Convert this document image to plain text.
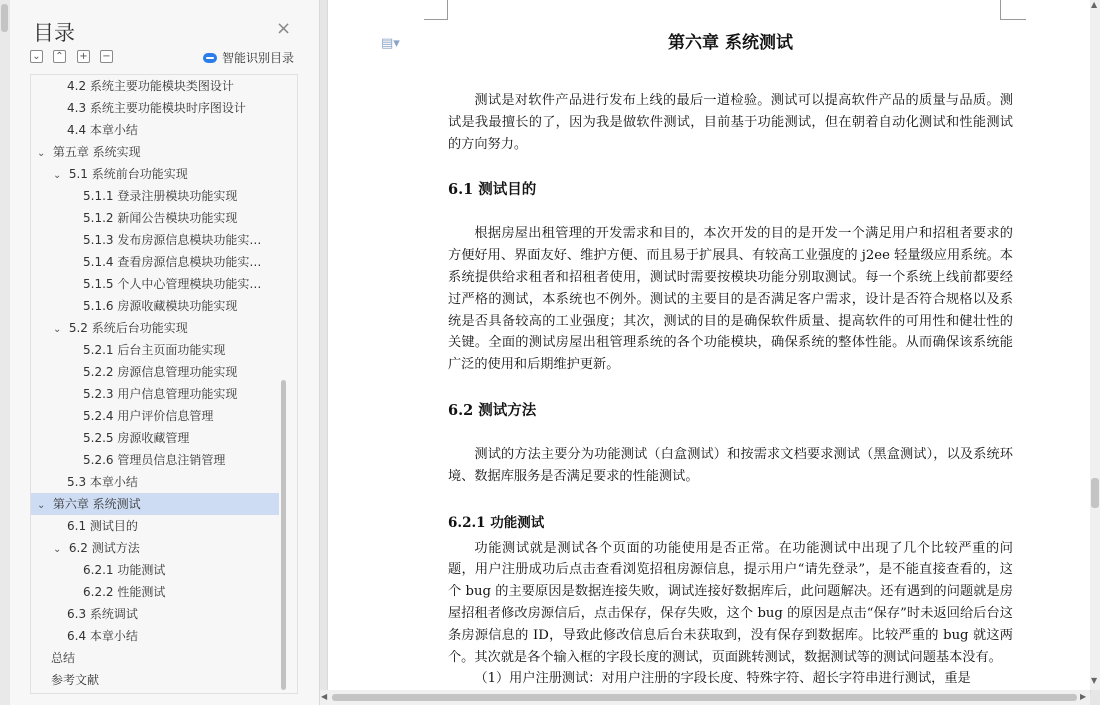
目录	×
⌄ ⌃ + −	智能识别目录
4.2 系统主要功能模块类图设计
4.3 系统主要功能模块时序图设计
4.4 本章小结
⌄ 第五章 系统实现
⌄ 5.1 系统前台功能实现
5.1.1 登录注册模块功能实现
5.1.2 新闻公告模块功能实现
5.1.3 发布房源信息模块功能实…
5.1.4 查看房源信息模块功能实…
5.1.5 个人中心管理模块功能实…
5.1.6 房源收藏模块功能实现
⌄ 5.2 系统后台功能实现
5.2.1 后台主页面功能实现
5.2.2 房源信息管理功能实现
5.2.3 用户信息管理功能实现
5.2.4 用户评价信息管理
5.2.5 房源收藏管理
5.2.6 管理员信息注销管理
5.3 本章小结
⌄ 第六章 系统测试
6.1 测试目的
⌄ 6.2 测试方法
6.2.1 功能测试
6.2.2 性能测试
6.3 系统调试
6.4 本章小结
总结
参考文献
▤▾	第六章 系统测试

测试是对软件产品进行发布上线的最后一道检验。测试可以提高软件产品的质量与品质。测试是我最擅长的了，因为我是做软件测试，目前基于功能测试，但在朝着自动化测试和性能测试的方向努力。

6.1 测试目的

根据房屋出租管理的开发需求和目的，本次开发的目的是开发一个满足用户和招租者要求的方便好用、界面友好、维护方便、而且易于扩展具、有较高工业强度的 j2ee 轻量级应用系统。本系统提供给求租者和招租者使用，测试时需要按模块功能分别取测试。每一个系统上线前都要经过严格的测试，本系统也不例外。测试的主要目的是否满足客户需求，设计是否符合规格以及系统是否具备较高的工业强度；其次，测试的目的是确保软件质量、提高软件的可用性和健壮性的关键。全面的测试房屋出租管理系统的各个功能模块，确保系统的整体性能。从而确保该系统能广泛的使用和后期维护更新。

6.2 测试方法

测试的方法主要分为功能测试（白盒测试）和按需求文档要求测试（黑盒测试），以及系统环境、数据库服务是否满足要求的性能测试。

6.2.1 功能测试

功能测试就是测试各个页面的功能使用是否正常。在功能测试中出现了几个比较严重的问题，用户注册成功后点击查看浏览招租房源信息，提示用户“请先登录”，是不能直接查看的，这个 bug 的主要原因是数据连接失败，调试连接好数据库后，此问题解决。还有遇到的问题就是房屋招租者修改房源信后，点击保存，保存失败，这个 bug 的原因是点击“保存”时未返回给后台这条房源信息的 ID，导致此修改信息后台未获取到，没有保存到数据库。比较严重的 bug 就这两个。其次就是各个输入框的字段长度的测试，页面跳转测试，数据测试等的测试问题基本没有。

（1）用户注册测试：对用户注册的字段长度、特殊字符、超长字符串进行测试，重是

▲
▼
◀	▶
